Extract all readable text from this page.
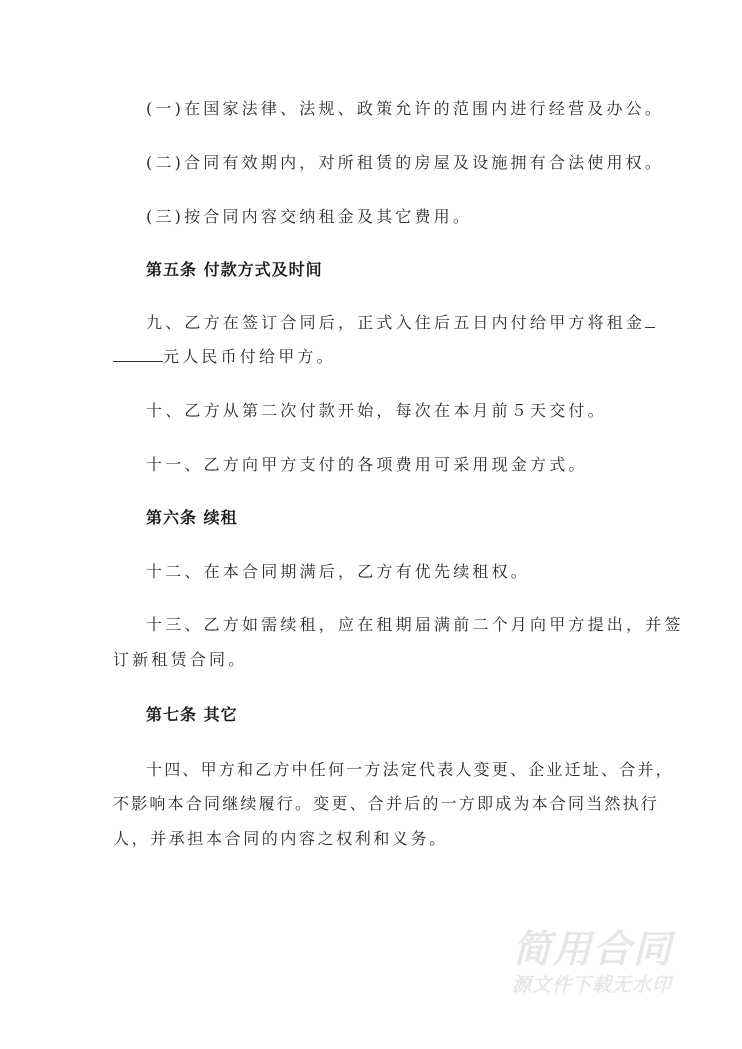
(一)在国家法律、法规、政策允许的范围内进行经营及办公。
(二)合同有效期内，对所租赁的房屋及设施拥有合法使用权。
(三)按合同内容交纳租金及其它费用。
第五条 付款方式及时间
九、乙方在签订合同后，正式入住后五日内付给甲方将租金
元人民币付给甲方。
十、乙方从第二次付款开始，每次在本月前５天交付。
十一、乙方向甲方支付的各项费用可采用现金方式。
第六条 续租
十二、在本合同期满后，乙方有优先续租权。
十三、乙方如需续租，应在租期届满前二个月向甲方提出，并签
订新租赁合同。
第七条 其它
十四、甲方和乙方中任何一方法定代表人变更、企业迁址、合并，
不影响本合同继续履行。变更、合并后的一方即成为本合同当然执行
人，并承担本合同的内容之权利和义务。
简用合同
源文件下载无水印
